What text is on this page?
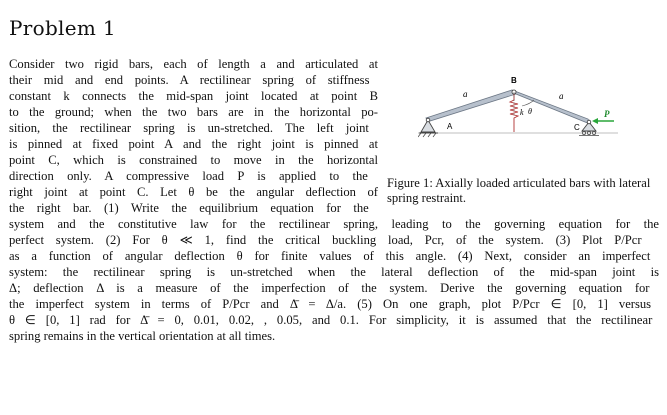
Problem 1
Consider two rigid bars, each of length a and articulated at
their mid and end points. A rectilinear spring of stiffness
constant k connects the mid-span joint located at point B
to the ground; when the two bars are in the horizontal po-
sition, the rectilinear spring is un-stretched. The left joint
is pinned at fixed point A and the right joint is pinned at
point C, which is constrained to move in the horizontal
direction only. A compressive load P is applied to the
right joint at point C. Let θ be the angular deflection of
the right bar. (1) Write the equilibrium equation for the
system and the constitutive law for the rectilinear spring, leading to the governing equation for the
perfect system. (2) For θ ≪ 1, find the critical buckling load, Pcr, of the system. (3) Plot P/Pcr
as a function of angular deflection θ for finite values of this angle. (4) Next, consider an imperfect
system: the rectilinear spring is un-stretched when the lateral deflection of the mid-span joint is
Δ; deflection Δ is a measure of the imperfection of the system. Derive the governing equation for
the imperfect system in terms of P/Pcr and Δ̄ = Δ/a. (5) On one graph, plot P/Pcr ∈ [0, 1] versus
θ ∈ [0, 1] rad for Δ̄ = 0, 0.01, 0.02, , 0.05, and 0.1. For simplicity, it is assumed that the rectilinear
spring remains in the vertical orientation at all times.
a	a
B
A	C
k θ	P
Figure 1: Axially loaded articulated bars with lateral spring restraint.
